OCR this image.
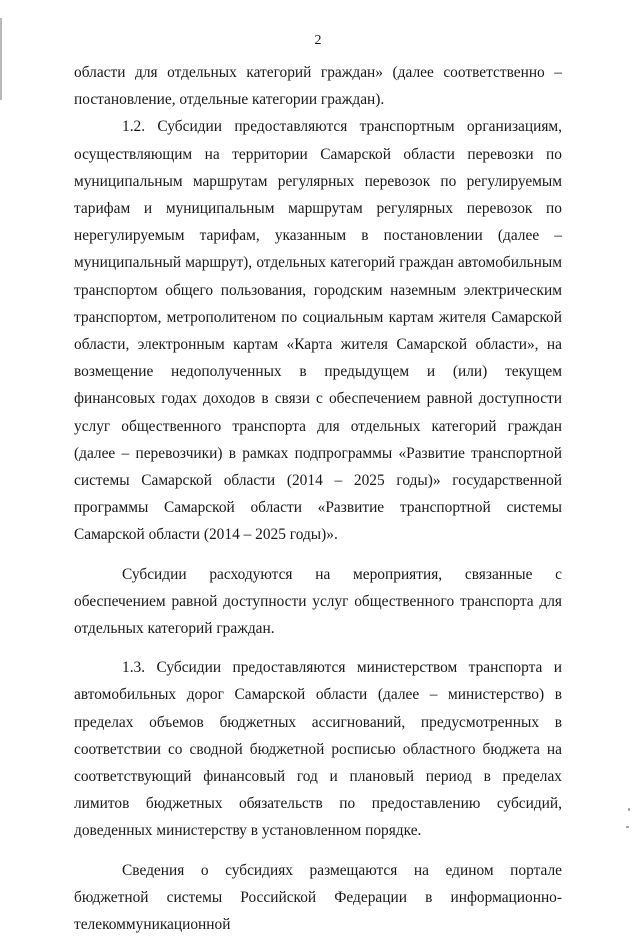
2

области для отдельных категорий граждан» (далее соответственно – постановление, отдельные категории граждан).

1.2. Субсидии предоставляются транспортным организациям, осуществляющим на территории Самарской области перевозки по муниципальным маршрутам регулярных перевозок по регулируемым тарифам и муниципальным маршрутам регулярных перевозок по нерегулируемым тарифам, указанным в постановлении (далее – муниципальный маршрут), отдельных категорий граждан автомобильным транспортом общего пользования, городским наземным электрическим транспортом, метрополитеном по социальным картам жителя Самарской области, электронным картам «Карта жителя Самарской области», на возмещение недополученных в предыдущем и (или) текущем финансовых годах доходов в связи с обеспечением равной доступности услуг общественного транспорта для отдельных категорий граждан (далее – перевозчики) в рамках подпрограммы «Развитие транспортной системы Самарской области (2014 – 2025 годы)» государственной программы Самарской области «Развитие транспортной системы Самарской области (2014 – 2025 годы)».

Субсидии расходуются на мероприятия, связанные с обеспечением равной доступности услуг общественного транспорта для отдельных категорий граждан.

1.3. Субсидии предоставляются министерством транспорта и автомобильных дорог Самарской области (далее – министерство) в пределах объемов бюджетных ассигнований, предусмотренных в соответствии со сводной бюджетной росписью областного бюджета на соответствующий финансовый год и плановый период в пределах лимитов бюджетных обязательств по предоставлению субсидий, доведенных министерству в установленном порядке.

Сведения о субсидиях размещаются на едином портале бюджетной системы Российской Федерации в информационно-телекоммуникационной
